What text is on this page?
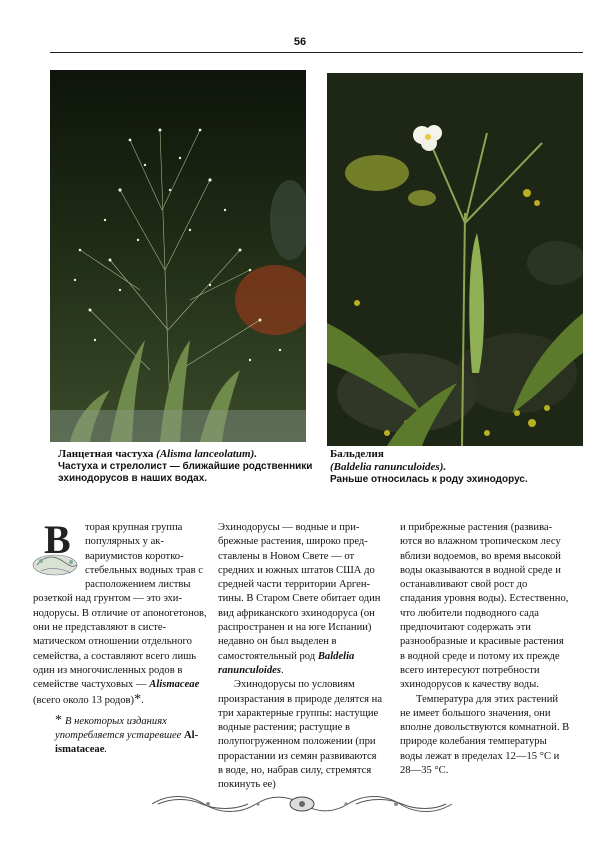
56
Ланцетная частуха (Alisma lanceolatum).
Частуха и стрелолист — ближайшие родственники эхинодорусов в наших водах.
Бальделия
(Baldelia ranunculoides).
Раньше относилась к роду эхинодорус.

В торая крупная группа популярных у аквариумистов короткостебельных водных трав с расположением листвы розеткой над грунтом — это эхинодорусы. В отличие от апоногетонов, они не представляют в систематическом отношении отдельного семейства, а составляют всего лишь один из многочисленных родов в семействе частуховых — Alismaceae (всего около 13 родов)*.

* В некоторых изданиях употребляется устаревшее Alismataceae.

Эхинодорусы — водные и прибрежные растения, широко представлены в Новом Свете — от средних и южных штатов США до средней части территории Аргентины. В Старом Свете обитает один вид африканского эхинодоруса (он распространен и на юге Испании) недавно он был выделен в самостоятельный род Baldelia ranunculoides.

Эхинодорусы по условиям произрастания в природе делятся на три характерные группы: настущие водные растения; растущие в полупогруженном положении (при прорастании из семян развиваются в воде, но, набрав силу, стремятся покинуть ее)

и прибрежные растения (развиваются во влажном тропическом лесу вблизи водоемов, во время высокой воды оказываются в водной среде и останавливают свой рост до спадания уровня воды). Естественно, что любители подводного сада предпочитают содержать эти разнообразные и красивые растения в водной среде и потому их прежде всего интересуют потребности эхинодорусов к качеству воды.

Температура для этих растений не имеет большого значения, они вполне довольствуются комнатной. В природе колебания температуры воды лежат в пределах 12—15 °С и 28—35 °С.
